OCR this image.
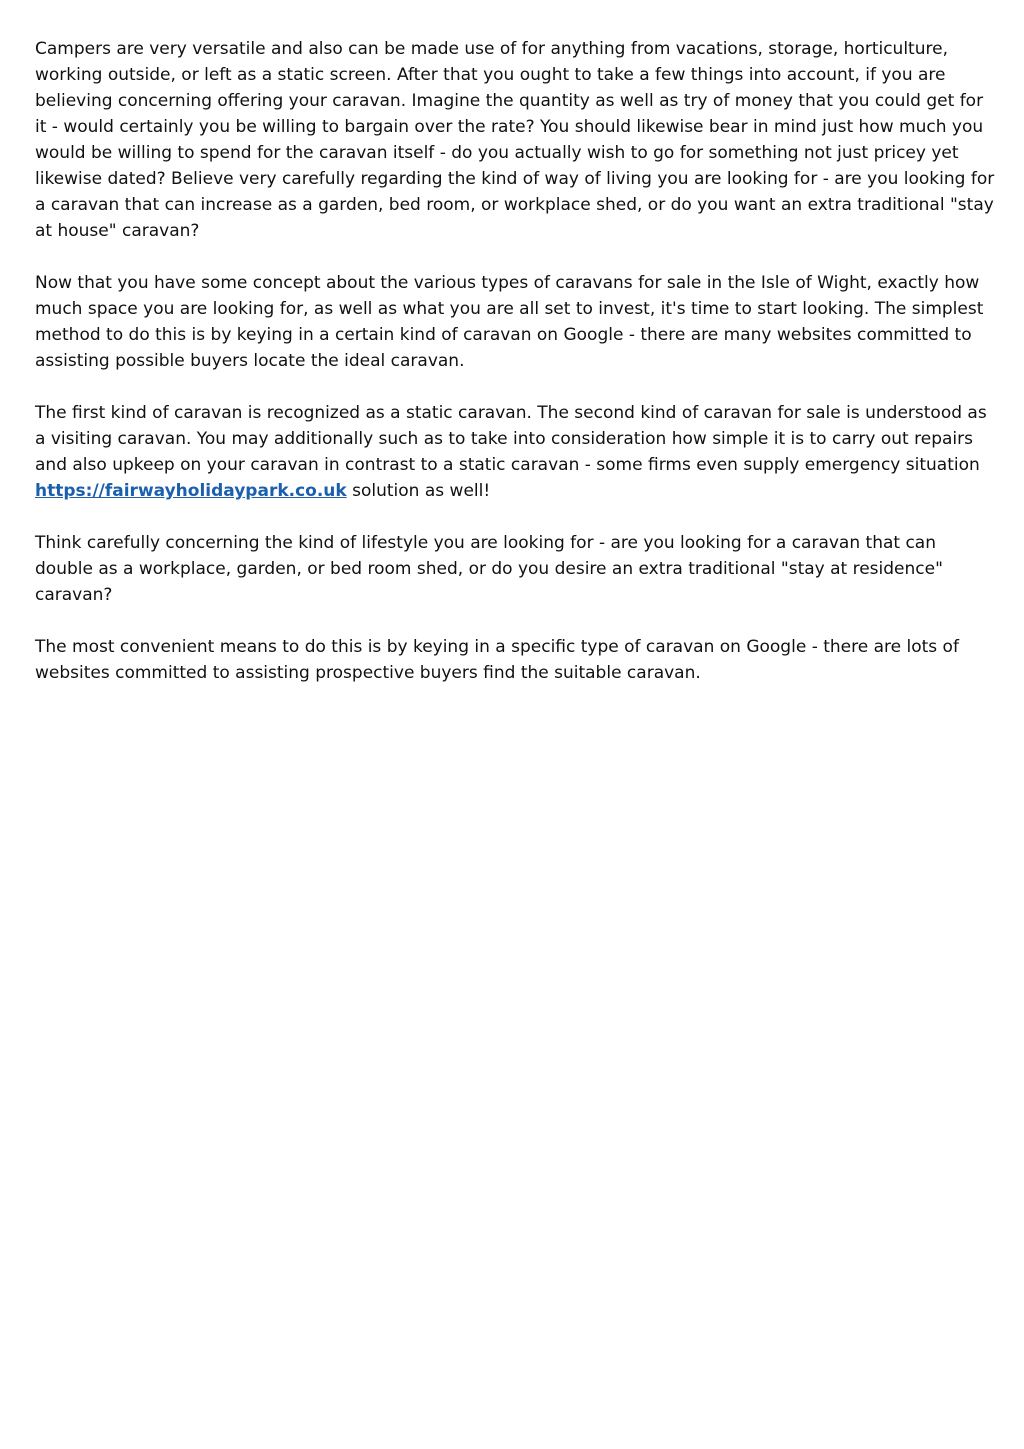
Campers are very versatile and also can be made use of for anything from vacations, storage, horticulture, working outside, or left as a static screen. After that you ought to take a few things into account, if you are believing concerning offering your caravan. Imagine the quantity as well as try of money that you could get for it - would certainly you be willing to bargain over the rate? You should likewise bear in mind just how much you would be willing to spend for the caravan itself - do you actually wish to go for something not just pricey yet likewise dated? Believe very carefully regarding the kind of way of living you are looking for - are you looking for a caravan that can increase as a garden, bed room, or workplace shed, or do you want an extra traditional "stay at house" caravan?

Now that you have some concept about the various types of caravans for sale in the Isle of Wight, exactly how much space you are looking for, as well as what you are all set to invest, it's time to start looking. The simplest method to do this is by keying in a certain kind of caravan on Google - there are many websites committed to assisting possible buyers locate the ideal caravan.

The first kind of caravan is recognized as a static caravan. The second kind of caravan for sale is understood as a visiting caravan. You may additionally such as to take into consideration how simple it is to carry out repairs and also upkeep on your caravan in contrast to a static caravan - some firms even supply emergency situation https://fairwayholidaypark.co.uk solution as well!

Think carefully concerning the kind of lifestyle you are looking for - are you looking for a caravan that can double as a workplace, garden, or bed room shed, or do you desire an extra traditional "stay at residence" caravan?

The most convenient means to do this is by keying in a specific type of caravan on Google - there are lots of websites committed to assisting prospective buyers find the suitable caravan.
